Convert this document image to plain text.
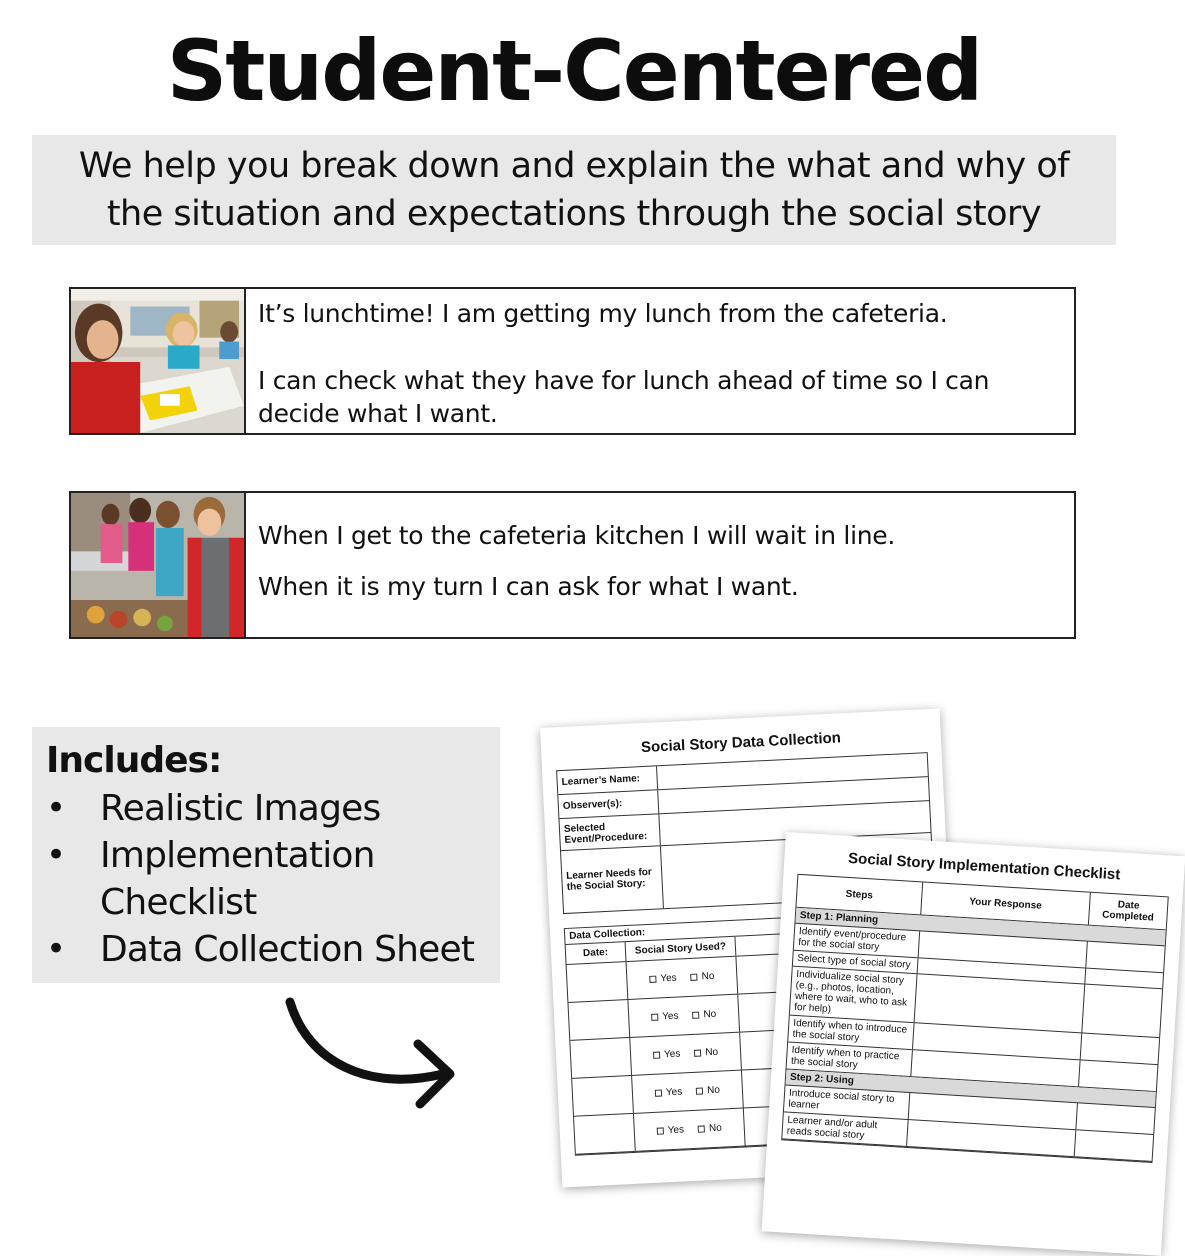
Student-Centered
We help you break down and explain the what and why of the situation and expectations through the social story

It’s lunchtime! I am getting my lunch from the cafeteria.

I can check what they have for lunch ahead of time so I can decide what I want.

When I get to the cafeteria kitchen I will wait in line.

When it is my turn I can ask for what I want.

Includes:
• Realistic Images
• Implementation Checklist
• Data Collection Sheet
Social Story Data Collection
Learner’s Name:
Observer(s):
Selected Event/Procedure:
Learner Needs for the Social Story:
Data Collection:
Date:	Social Story Used?
Yes No
Yes No
Yes No
Yes No
Yes No
Social Story Implementation Checklist
Steps
Your Response	Date Completed
Step 1: Planning
Identify event/procedure for the social story
Select type of social story
Individualize social story (e.g., photos, location, where to wait, who to ask for help)
Identify when to introduce the social story
Identify when to practice the social story
Step 2: Using
Introduce social story to learner
Learner and/or adult reads social story
